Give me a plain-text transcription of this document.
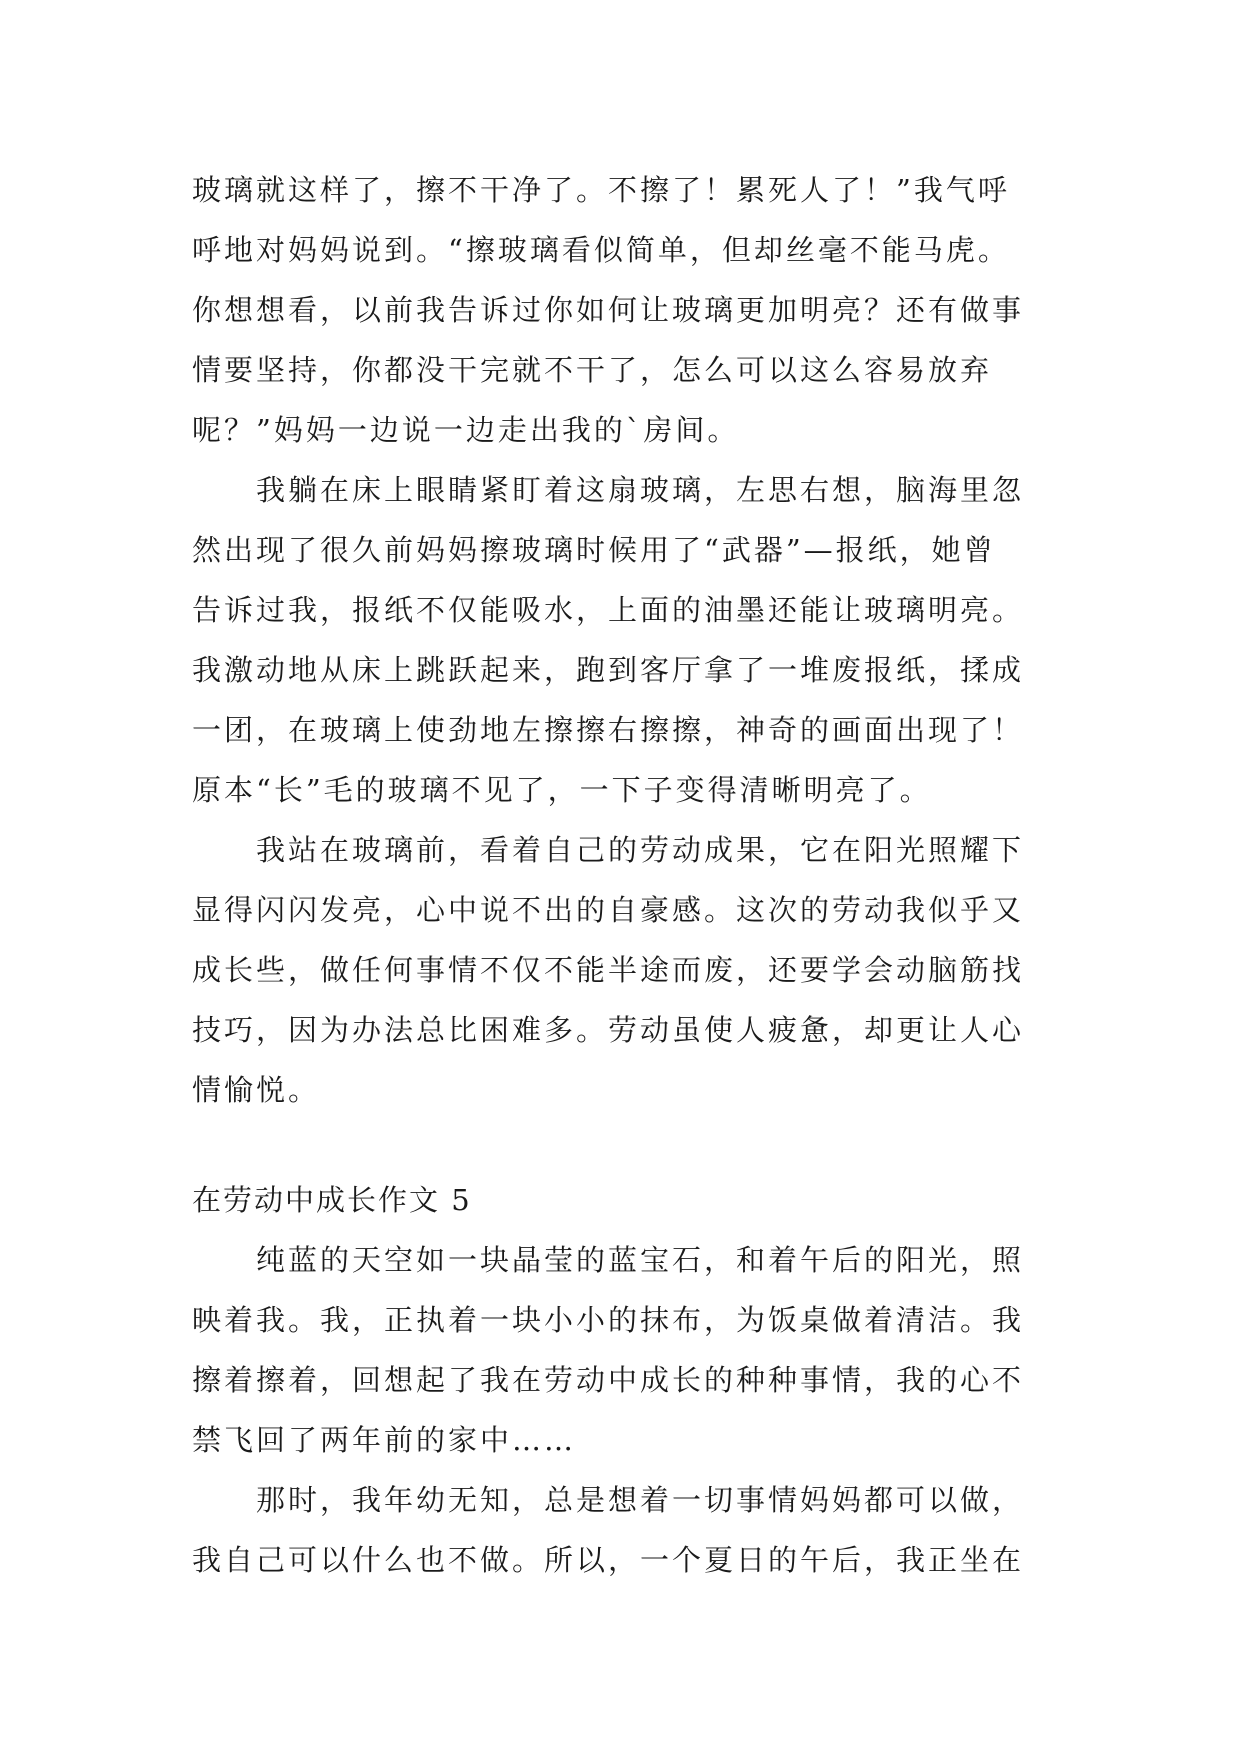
玻璃就这样了，擦不干净了。不擦了！累死人了！”我气呼
呼地对妈妈说到。“擦玻璃看似简单，但却丝毫不能马虎。
你想想看，以前我告诉过你如何让玻璃更加明亮？还有做事
情要坚持，你都没干完就不干了，怎么可以这么容易放弃
呢？”妈妈一边说一边走出我的`房间。
我躺在床上眼睛紧盯着这扇玻璃，左思右想，脑海里忽
然出现了很久前妈妈擦玻璃时候用了“武器”—报纸，她曾
告诉过我，报纸不仅能吸水，上面的油墨还能让玻璃明亮。
我激动地从床上跳跃起来，跑到客厅拿了一堆废报纸，揉成
一团，在玻璃上使劲地左擦擦右擦擦，神奇的画面出现了！
原本“长”毛的玻璃不见了，一下子变得清晰明亮了。
我站在玻璃前，看着自己的劳动成果，它在阳光照耀下
显得闪闪发亮，心中说不出的自豪感。这次的劳动我似乎又
成长些，做任何事情不仅不能半途而废，还要学会动脑筋找
技巧，因为办法总比困难多。劳动虽使人疲惫，却更让人心
情愉悦。
在劳动中成长作文 5
纯蓝的天空如一块晶莹的蓝宝石，和着午后的阳光，照
映着我。我，正执着一块小小的抹布，为饭桌做着清洁。我
擦着擦着，回想起了我在劳动中成长的种种事情，我的心不
禁飞回了两年前的家中……
那时，我年幼无知，总是想着一切事情妈妈都可以做，
我自己可以什么也不做。所以，一个夏日的午后，我正坐在
